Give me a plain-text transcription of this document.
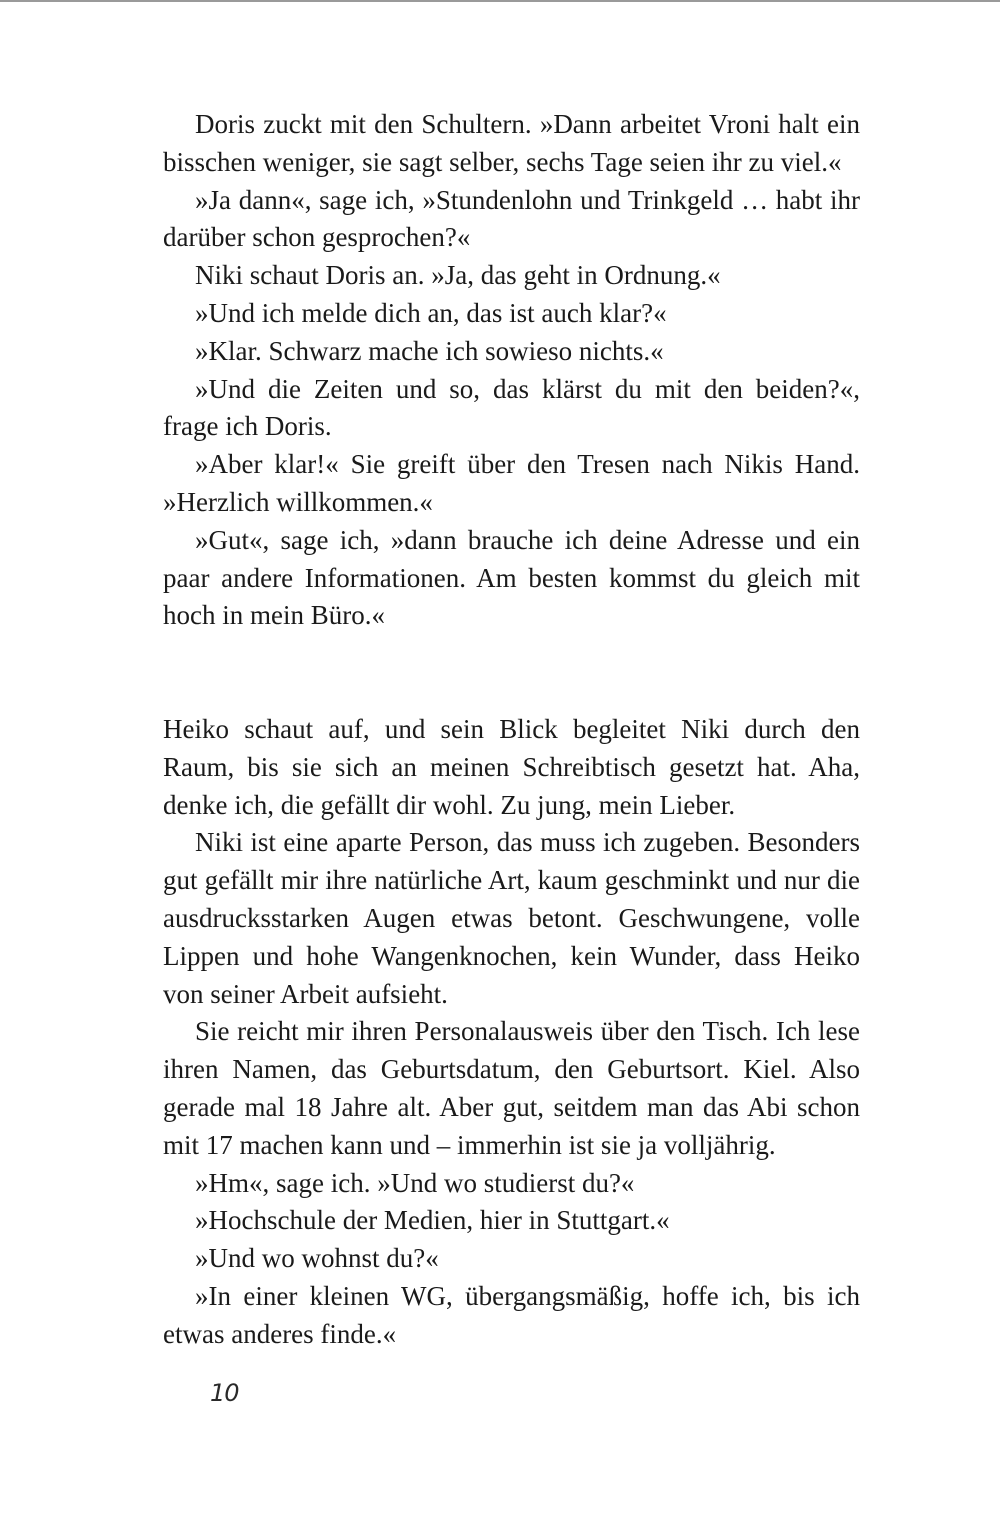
Doris zuckt mit den Schultern. »Dann arbeitet Vroni halt ein bisschen weniger, sie sagt selber, sechs Tage seien ihr zu viel.«

»Ja dann«, sage ich, »Stundenlohn und Trinkgeld … habt ihr darüber schon gesprochen?«

Niki schaut Doris an. »Ja, das geht in Ordnung.«

»Und ich melde dich an, das ist auch klar?«

»Klar. Schwarz mache ich sowieso nichts.«

»Und die Zeiten und so, das klärst du mit den beiden?«, frage ich Doris.

»Aber klar!« Sie greift über den Tresen nach Nikis Hand. »Herzlich willkommen.«

»Gut«, sage ich, »dann brauche ich deine Adresse und ein paar andere Informationen. Am besten kommst du gleich mit hoch in mein Büro.«

Heiko schaut auf, und sein Blick begleitet Niki durch den Raum, bis sie sich an meinen Schreibtisch gesetzt hat. Aha, denke ich, die gefällt dir wohl. Zu jung, mein Lieber.

Niki ist eine aparte Person, das muss ich zugeben. Besonders gut gefällt mir ihre natürliche Art, kaum geschminkt und nur die ausdrucksstarken Augen etwas betont. Geschwungene, volle Lippen und hohe Wangenknochen, kein Wunder, dass Heiko von seiner Arbeit aufsieht.

Sie reicht mir ihren Personalausweis über den Tisch. Ich lese ihren Namen, das Geburtsdatum, den Geburtsort. Kiel. Also gerade mal 18 Jahre alt. Aber gut, seitdem man das Abi schon mit 17 machen kann und – immerhin ist sie ja volljährig.

»Hm«, sage ich. »Und wo studierst du?«

»Hochschule der Medien, hier in Stuttgart.«

»Und wo wohnst du?«

»In einer kleinen WG, übergangsmäßig, hoffe ich, bis ich etwas anderes finde.«

10
